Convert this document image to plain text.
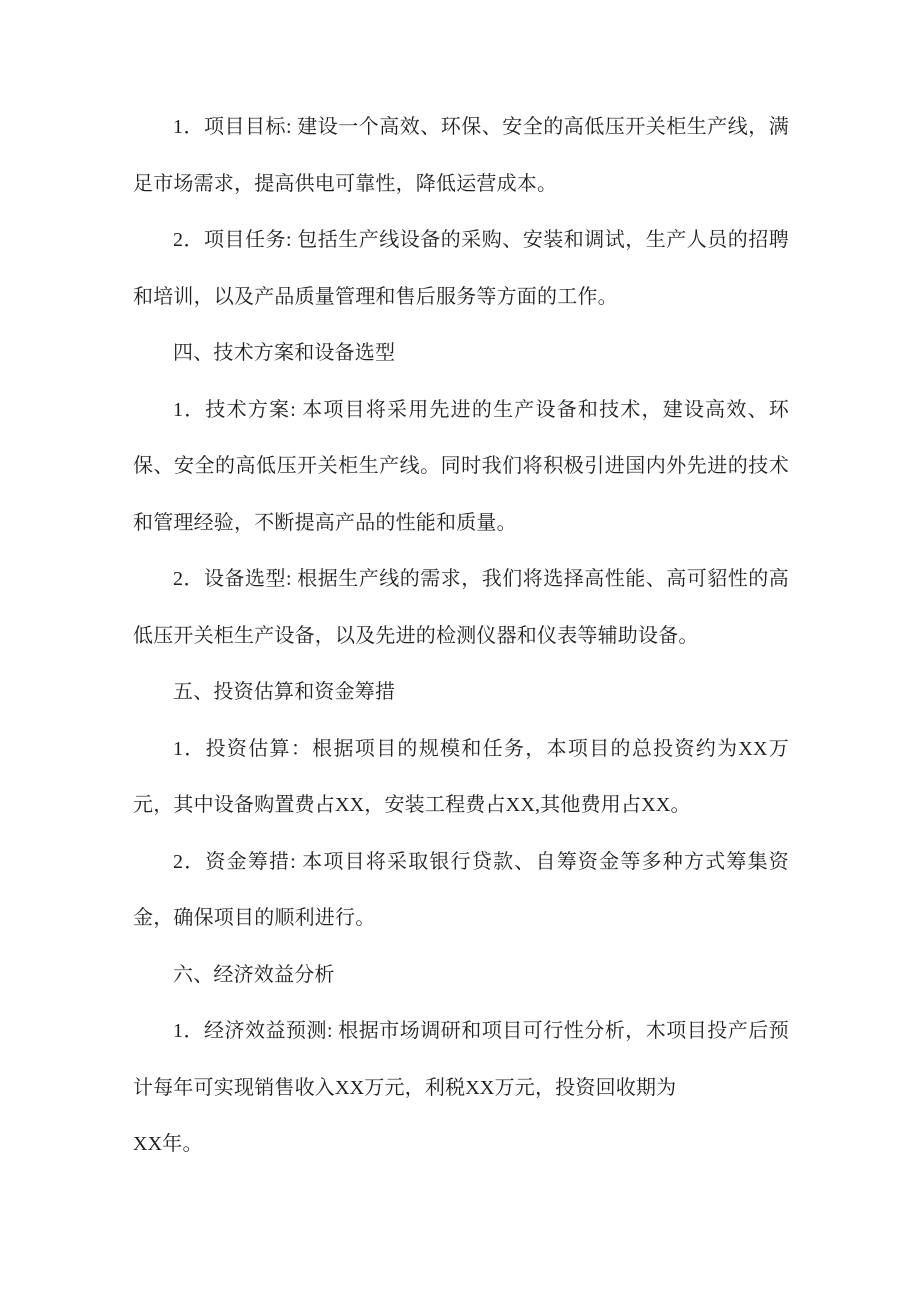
1．项目目标: 建设一个高效、环保、安全的高低压开关柜生产线，满足市场需求，提高供电可靠性，降低运营成本。

2．项目任务: 包括生产线设备的采购、安装和调试，生产人员的招聘和培训，以及产品质量管理和售后服务等方面的工作。

四、技术方案和设备选型

1．技术方案: 本项目将采用先进的生产设备和技术，建设高效、环保、安全的高低压开关柜生产线。同时我们将积极引进国内外先进的技术和管理经验，不断提高产品的性能和质量。

2．设备选型: 根据生产线的需求，我们将选择高性能、高可貂性的高低压开关柜生产设备，以及先进的检测仪器和仪表等辅助设备。

五、投资估算和资金筹措

1．投资估算：根据项目的规模和任务，本项目的总投资约为XX万元，其中设备购置费占XX，安装工程费占XX,其他费用占XX。

2．资金筹措: 本项目将采取银行贷款、自筹资金等多种方式筹集资金，确保项目的顺利进行。

六、经济效益分析

1．经济效益预测: 根据市场调研和项目可行性分析，木项目投产后预计每年可实现销售收入XX万元，利税XX万元，投资回收期为

XX年。
